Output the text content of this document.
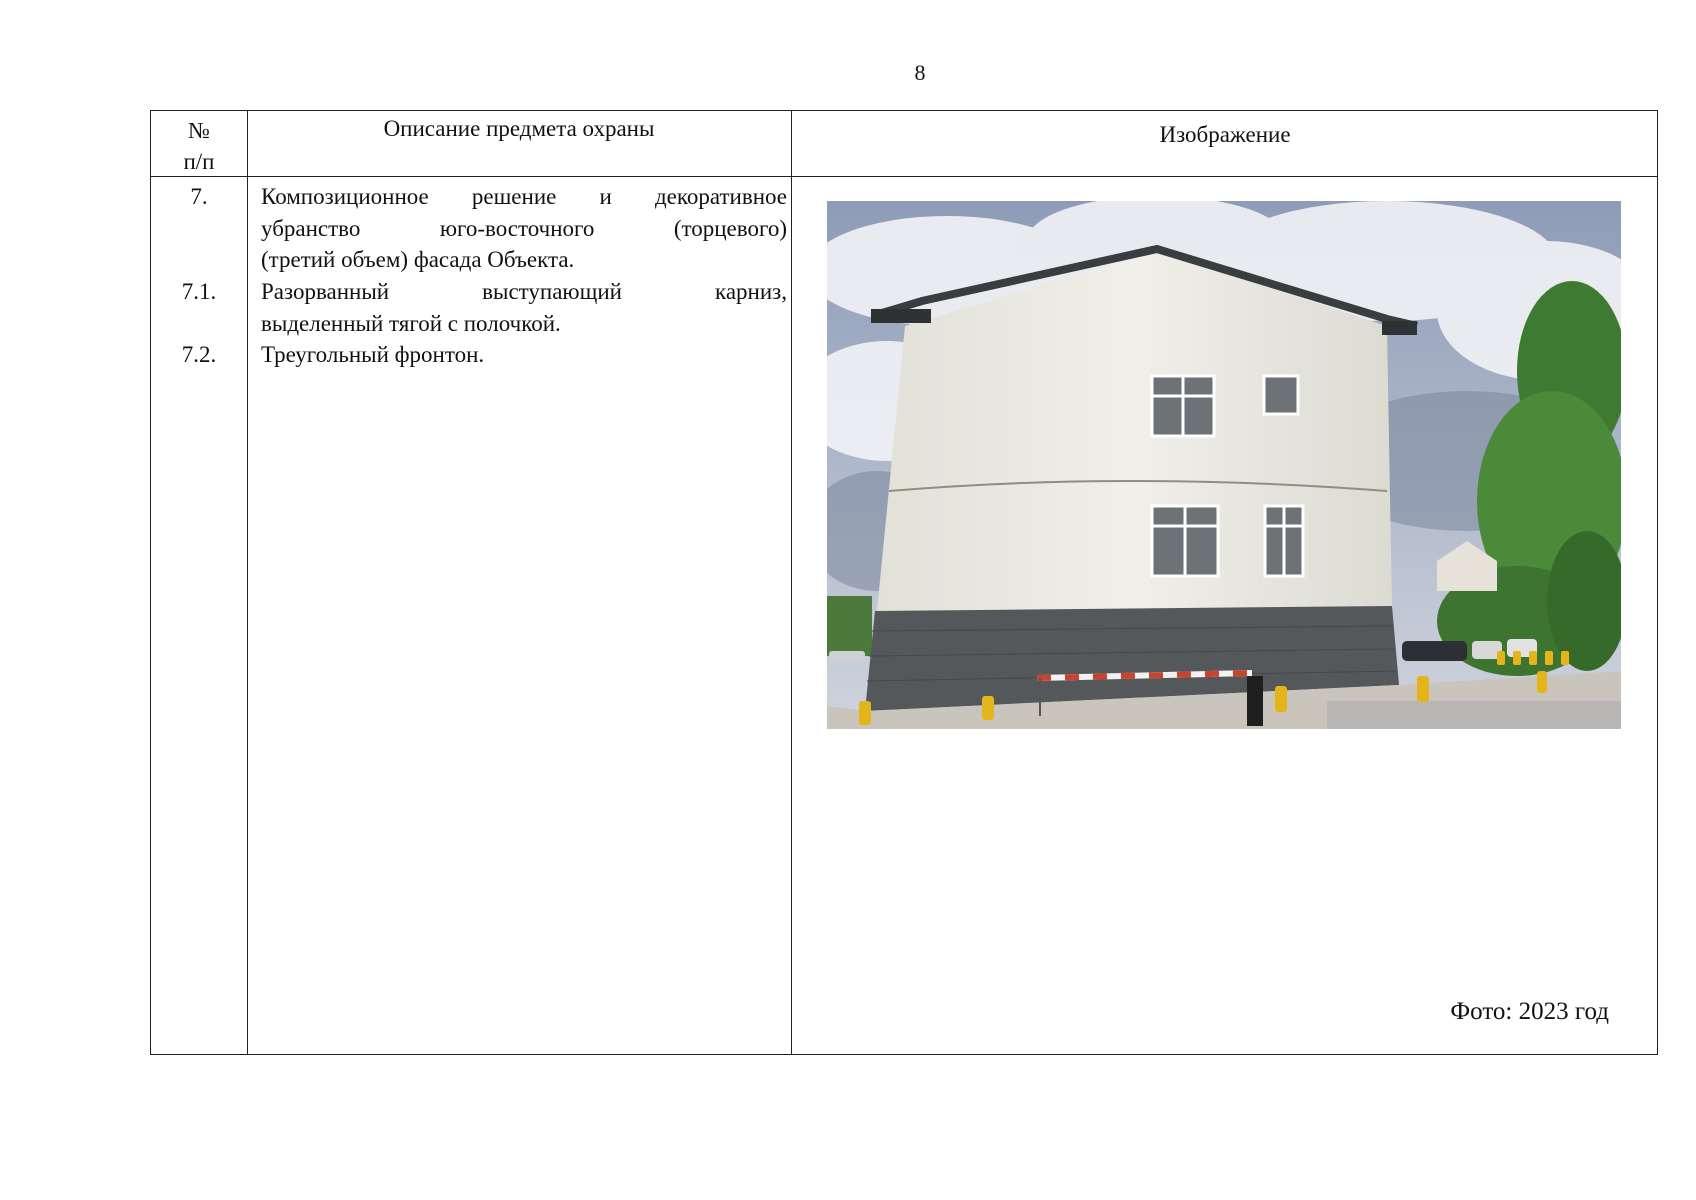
8
№
п/п
Описание предмета охраны	Изображение
7.
7.1.
7.2.
Композиционное решение и декоративное
убранство юго-восточного (торцевого)
(третий объем) фасада Объекта.
Разорванный выступающий карниз,
выделенный тягой с полочкой.
Треугольный фронтон.
Фото: 2023 год
